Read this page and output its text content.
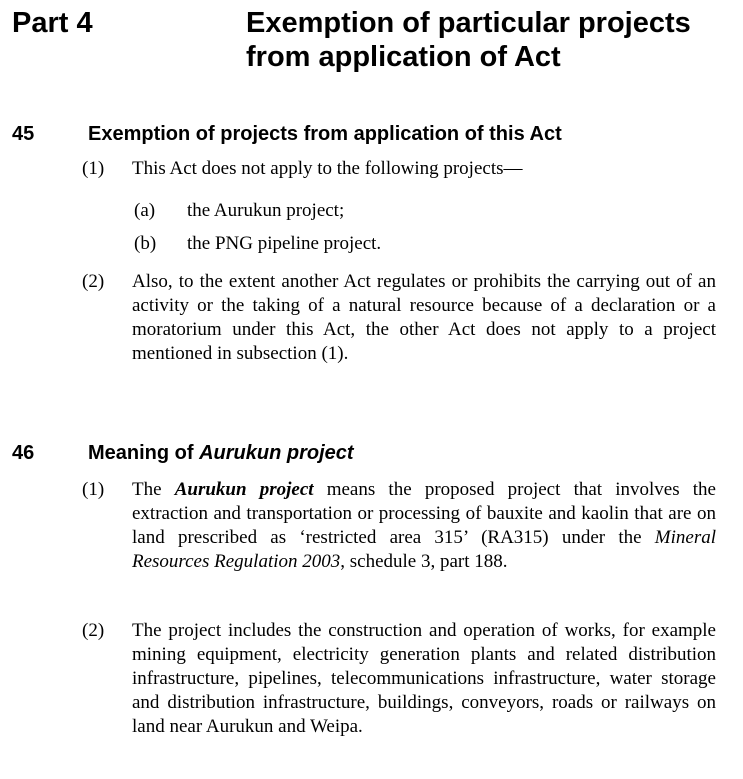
Part 4	Exemption of particular projects from application of Act
45	Exemption of projects from application of this Act
(1) This Act does not apply to the following projects—
(a) the Aurukun project;
(b) the PNG pipeline project.
(2) Also, to the extent another Act regulates or prohibits the carrying out of an activity or the taking of a natural resource because of a declaration or a moratorium under this Act, the other Act does not apply to a project mentioned in subsection (1).
46	Meaning of Aurukun project
(1) The Aurukun project means the proposed project that involves the extraction and transportation or processing of bauxite and kaolin that are on land prescribed as ‘restricted area 315’ (RA315) under the Mineral Resources Regulation 2003, schedule 3, part 188.
(2) The project includes the construction and operation of works, for example mining equipment, electricity generation plants and related distribution infrastructure, pipelines, telecommunications infrastructure, water storage and distribution infrastructure, buildings, conveyors, roads or railways on land near Aurukun and Weipa.
